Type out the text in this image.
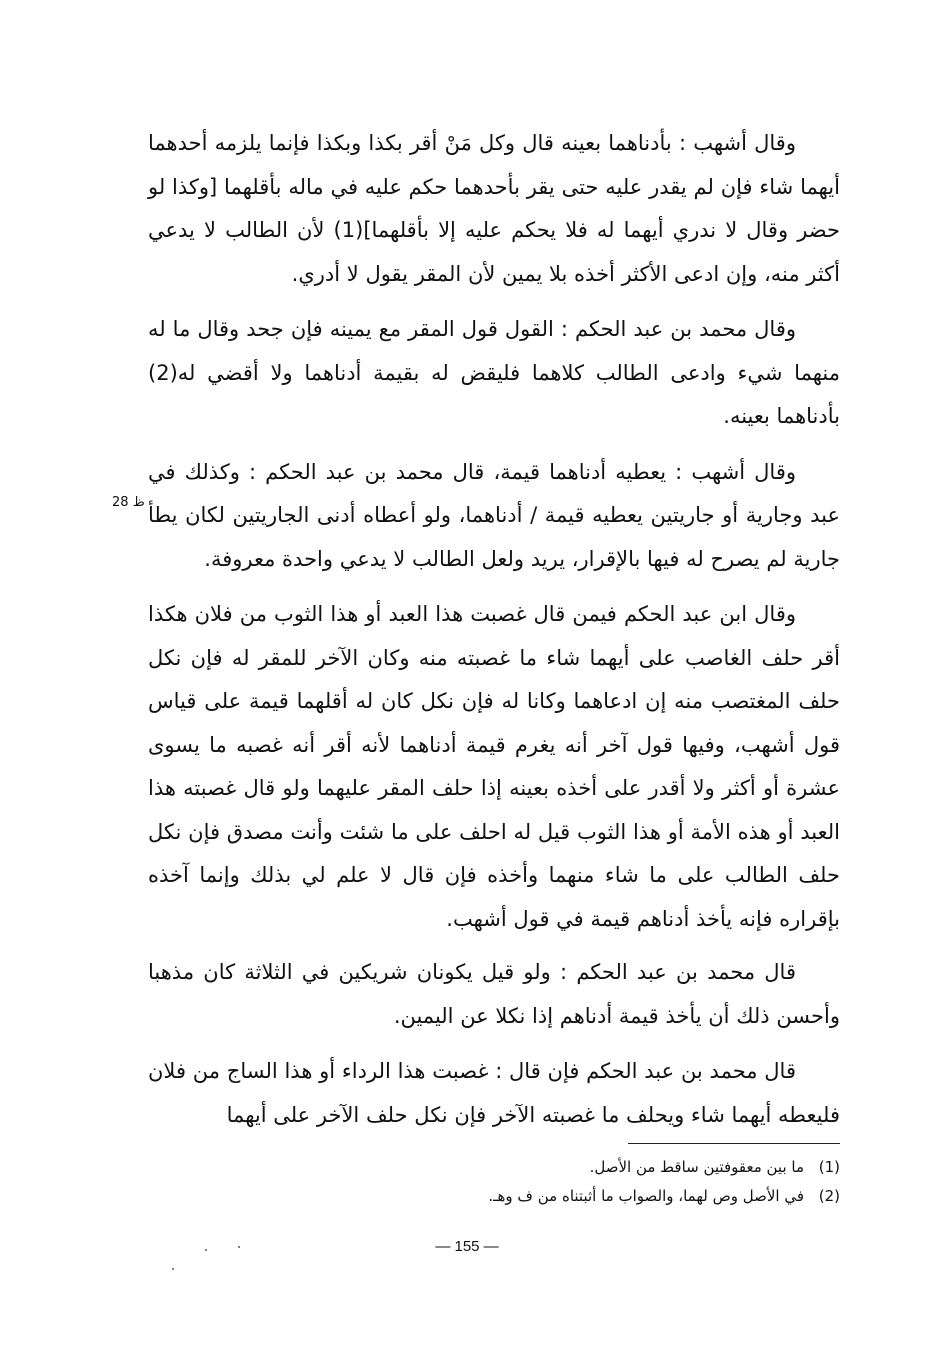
وقال أشهب : بأدناهما بعينه قال وكل مَنْ أقر بكذا وبكذا فإنما يلزمه أحدهما أيهما شاء فإن لم يقدر عليه حتى يقر بأحدهما حكم عليه في ماله بأقلهما [وكذا لو حضر وقال لا ندري أيهما له فلا يحكم عليه إلا بأقلهما](1) لأن الطالب لا يدعي أكثر منه، وإن ادعى الأكثر أخذه بلا يمين لأن المقر يقول لا أدري.

وقال محمد بن عبد الحكم : القول قول المقر مع يمينه فإن جحد وقال ما له منهما شيء وادعى الطالب كلاهما فليقض له بقيمة أدناهما ولا أقضي له(2) بأدناهما بعينه.

وقال أشهب : يعطيه أدناهما قيمة، قال محمد بن عبد الحكم : وكذلك في عبد وجارية أو جاريتين يعطيه قيمة / أدناهما، ولو أعطاه أدنى الجاريتين لكان يطأ جارية لم يصرح له فيها بالإقرار، يريد ولعل الطالب لا يدعي واحدة معروفة.

وقال ابن عبد الحكم فيمن قال غصبت هذا العبد أو هذا الثوب من فلان هكذا أقر حلف الغاصب على أيهما شاء ما غصبته منه وكان الآخر للمقر له فإن نكل حلف المغتصب منه إن ادعاهما وكانا له فإن نكل كان له أقلهما قيمة على قياس قول أشهب، وفيها قول آخر أنه يغرم قيمة أدناهما لأنه أقر أنه غصبه ما يسوى عشرة أو أكثر ولا أقدر على أخذه بعينه إذا حلف المقر عليهما ولو قال غصبته هذا العبد أو هذه الأمة أو هذا الثوب قيل له احلف على ما شئت وأنت مصدق فإن نكل حلف الطالب على ما شاء منهما وأخذه فإن قال لا علم لي بذلك وإنما آخذه بإقراره فإنه يأخذ أدناهم قيمة في قول أشهب.

قال محمد بن عبد الحكم : ولو قيل يكونان شريكين في الثلاثة كان مذهبا وأحسن ذلك أن يأخذ قيمة أدناهم إذا نكلا عن اليمين.

قال محمد بن عبد الحكم فإن قال : غصبت هذا الرداء أو هذا الساج من فلان فليعطه أيهما شاء ويحلف ما غصبته الآخر فإن نكل حلف الآخر على أيهما

28 ظ
(1)
ما بين معقوفتين ساقط من الأصل.
(2)
في الأصل وص لهما، والصواب ما أثبتناه من ف وهـ.
— 155 —
